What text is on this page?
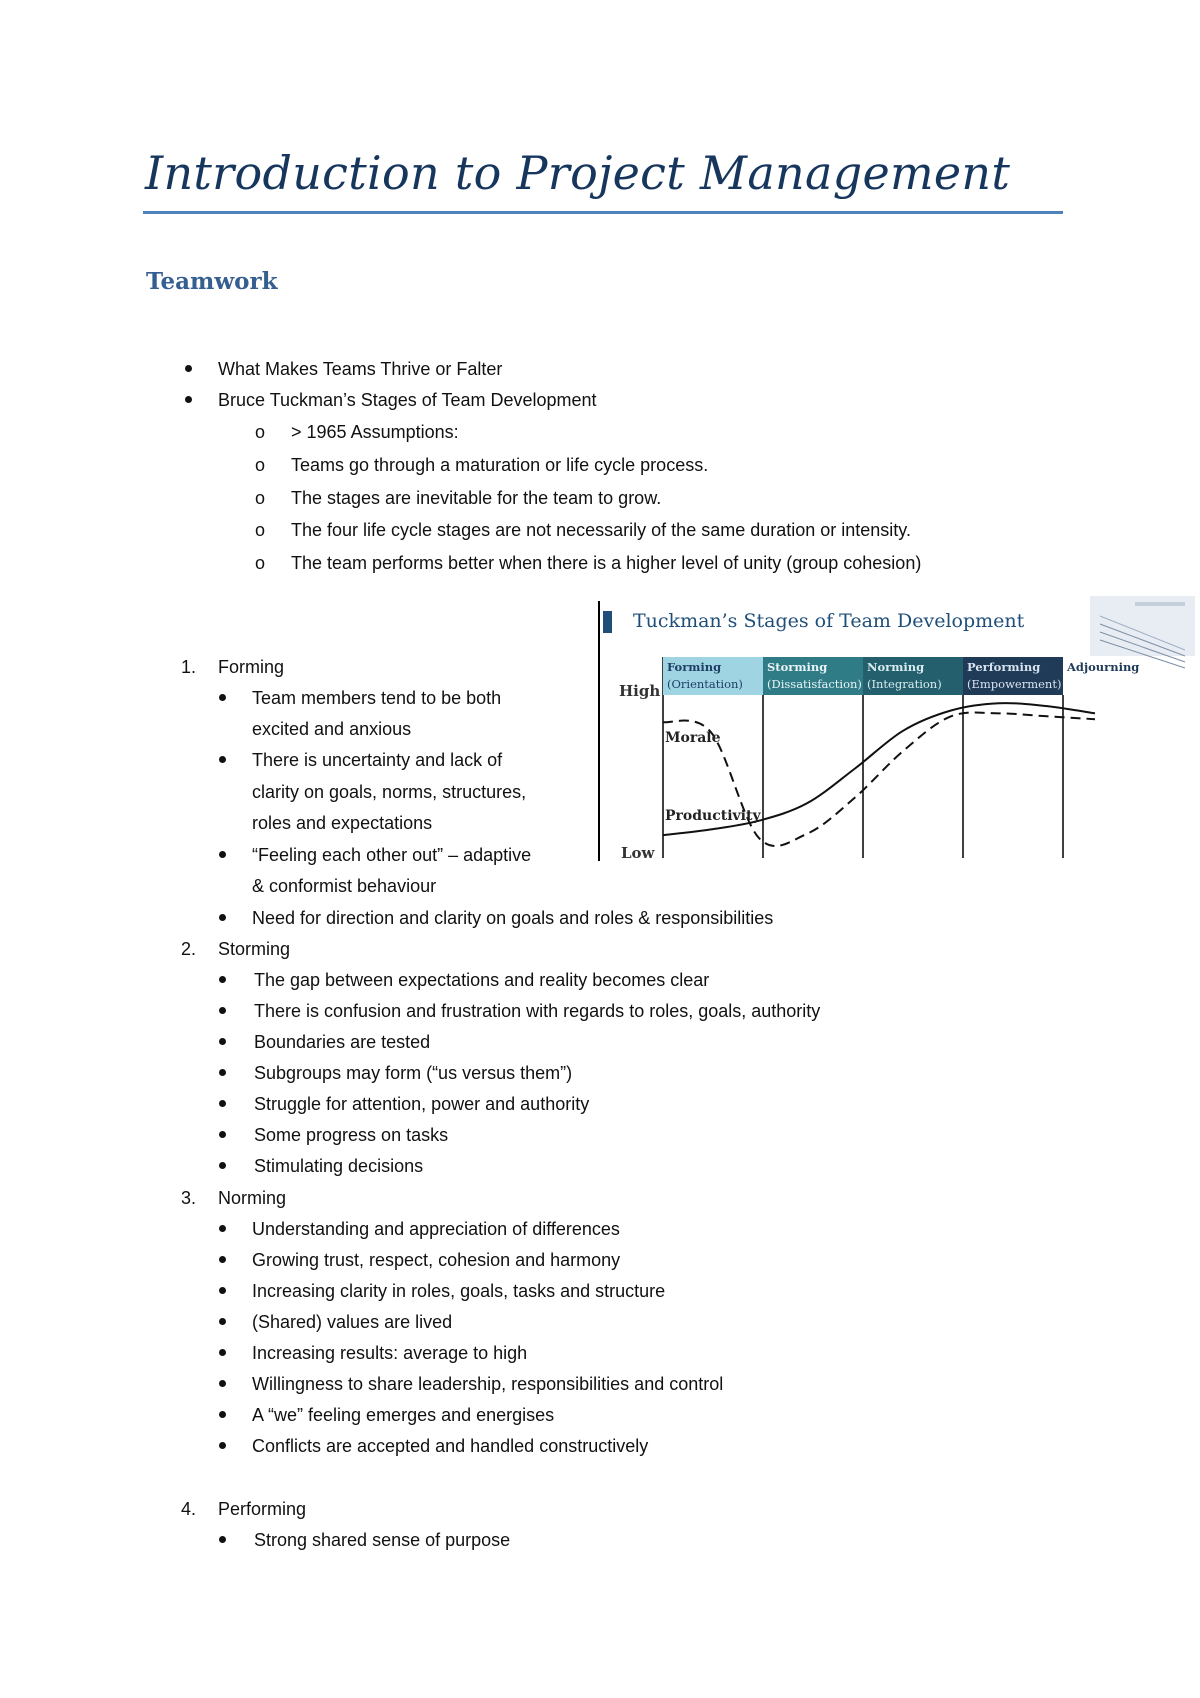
Introduction to Project Management
Teamwork
What Makes Teams Thrive or Falter
Bruce Tuckman’s Stages of Team Development
o > 1965 Assumptions:
o Teams go through a maturation or life cycle process.
o The stages are inevitable for the team to grow.
o The four life cycle stages are not necessarily of the same duration or intensity.
o The team performs better when there is a higher level of unity (group cohesion)
1. Forming
Team members tend to be both
excited and anxious
There is uncertainty and lack of
clarity on goals, norms, structures,
roles and expectations
“Feeling each other out” – adaptive
& conformist behaviour
Need for direction and clarity on goals and roles & responsibilities
2. Storming
The gap between expectations and reality becomes clear
There is confusion and frustration with regards to roles, goals, authority
Boundaries are tested
Subgroups may form (“us versus them”)
Struggle for attention, power and authority
Some progress on tasks
Stimulating decisions
3. Norming
Understanding and appreciation of differences
Growing trust, respect, cohesion and harmony
Increasing clarity in roles, goals, tasks and structure
(Shared) values are lived
Increasing results: average to high
Willingness to share leadership, responsibilities and control
A “we” feeling emerges and energises
Conflicts are accepted and handled constructively
4. Performing
Strong shared sense of purpose
Tuckman’s Stages of Team Development
Forming
(Orientation)
Storming
(Dissatisfaction)
Norming
(Integration)
Performing
(Empowerment)
Adjourning
High
Low
Morale
Productivity
